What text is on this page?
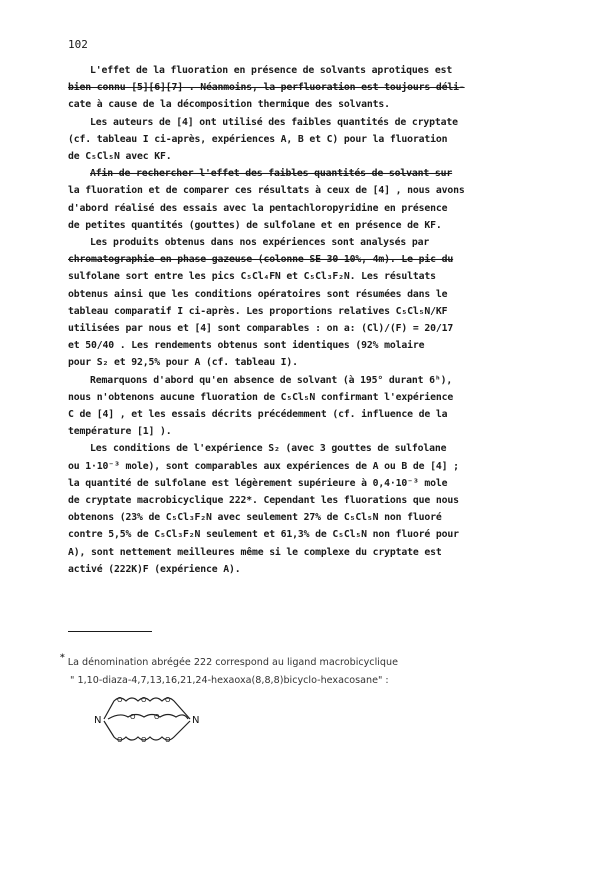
102

L'effet de la fluoration en présence de solvants aprotiques est
bien connu [5][6][7] . Néanmoins, la perfluoration est toujours déli-
cate à cause de la décomposition thermique des solvants.

Les auteurs de [4] ont utilisé des faibles quantités de cryptate
(cf. tableau I ci-après, expériences A, B et C) pour la fluoration
de C₅Cl₅N avec KF.

Afin de rechercher l'effet des faibles quantités de solvant sur
la fluoration et de comparer ces résultats à ceux de [4] , nous avons
d'abord réalisé des essais avec la pentachloropyridine en présence
de petites quantités (gouttes) de sulfolane et en présence de KF.

Les produits obtenus dans nos expériences sont analysés par
chromatographie en phase gazeuse (colonne SE 30 10%, 4m). Le pic du
sulfolane sort entre les pics C₅Cl₄FN et C₅Cl₃F₂N. Les résultats
obtenus ainsi que les conditions opératoires sont résumées dans le
tableau comparatif I ci-après. Les proportions relatives C₅Cl₅N/KF
utilisées par nous et [4] sont comparables : on a: (Cl)/(F) = 20/17
et 50/40 . Les rendements obtenus sont identiques (92% molaire
pour S₂ et 92,5% pour A (cf. tableau I).

Remarquons d'abord qu'en absence de solvant (à 195° durant 6ʰ),
nous n'obtenons aucune fluoration de C₅Cl₅N confirmant l'expérience
C de [4] , et les essais décrits précédemment (cf. influence de la
température [1] ).

Les conditions de l'expérience S₂ (avec 3 gouttes de sulfolane
ou 1·10⁻³ mole), sont comparables aux expériences de A ou B de [4] ;
la quantité de sulfolane est légèrement supérieure à 0,4·10⁻³ mole
de cryptate macrobicyclique 222*. Cependant les fluorations que nous
obtenons (23% de C₅Cl₃F₂N avec seulement 27% de C₅Cl₅N non fluoré
contre 5,5% de C₅Cl₃F₂N seulement et 61,3% de C₅Cl₅N non fluoré pour
A), sont nettement meilleures même si le complexe du cryptate est
activé (222K)F (expérience A).

* La dénomination abrégée 222 correspond au ligand macrobicyclique

" 1,10-diaza-4,7,13,16,21,24-hexaoxa(8,8,8)bicyclo-hexacosane" :

N	N
O	O	O
O	O
O	O	O
